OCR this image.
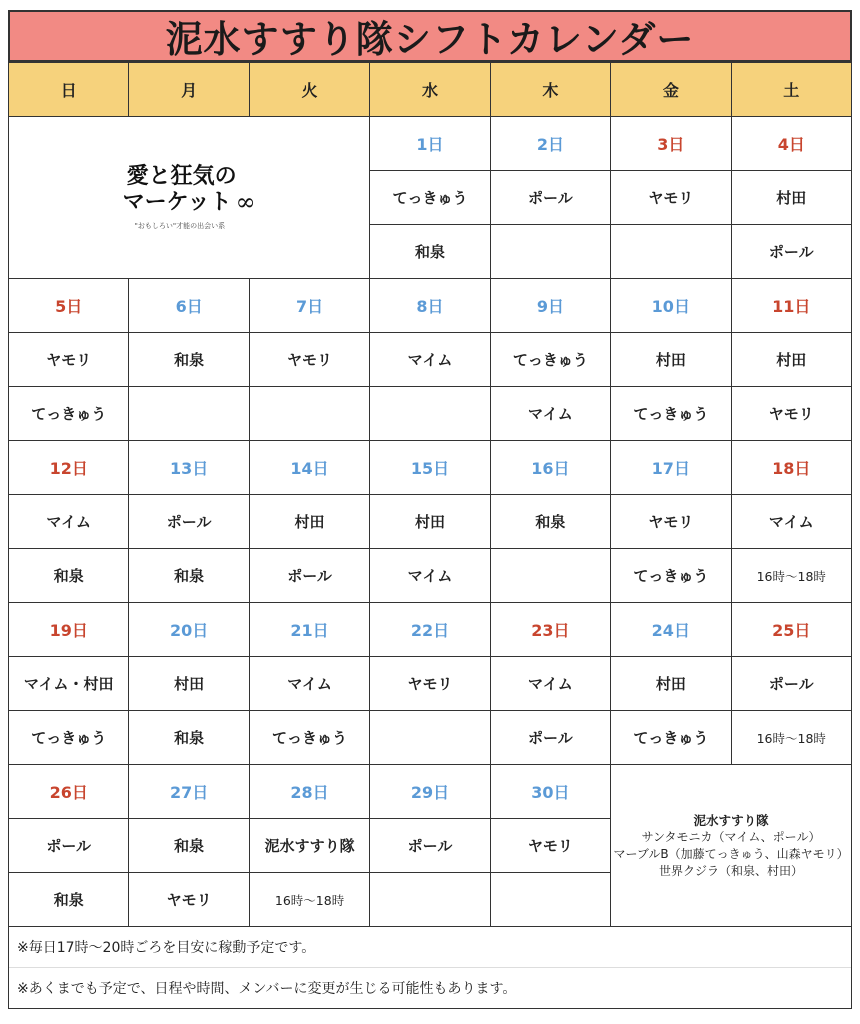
泥水すすり隊シフトカレンダー
日	月	火	水	木	金	土

愛と狂気の
マーケット ∞
"おもしろい"才能の出会い系			1日	2日	3日	4日
			てっきゅう	ポール	ヤモリ	村田
			和泉			ポール
5日	6日	7日	8日	9日	10日	11日
ヤモリ	和泉	ヤモリ	マイム	てっきゅう	村田	村田
てっきゅう				マイム	てっきゅう	ヤモリ
12日	13日	14日	15日	16日	17日	18日
マイム	ポール	村田	村田	和泉	ヤモリ	マイム
和泉	和泉	ポール	マイム		てっきゅう	16時〜18時
19日	20日	21日	22日	23日	24日	25日
マイム・村田	村田	マイム	ヤモリ	マイム	村田	ポール
てっきゅう	和泉	てっきゅう		ポール	てっきゅう	16時〜18時
26日	27日	28日	29日	30日	泥水すすり隊
サンタモニカ（マイム、ポール）
マーブルB（加藤てっきゅう、山森ヤモリ）
世界クジラ（和泉、村田）	

ポール	和泉	泥水すすり隊	ポール	ヤモリ		
和泉	ヤモリ	16時〜18時				
※毎日17時〜20時ごろを目安に稼動予定です。
※あくまでも予定で、日程や時間、メンバーに変更が生じる可能性もあります。
